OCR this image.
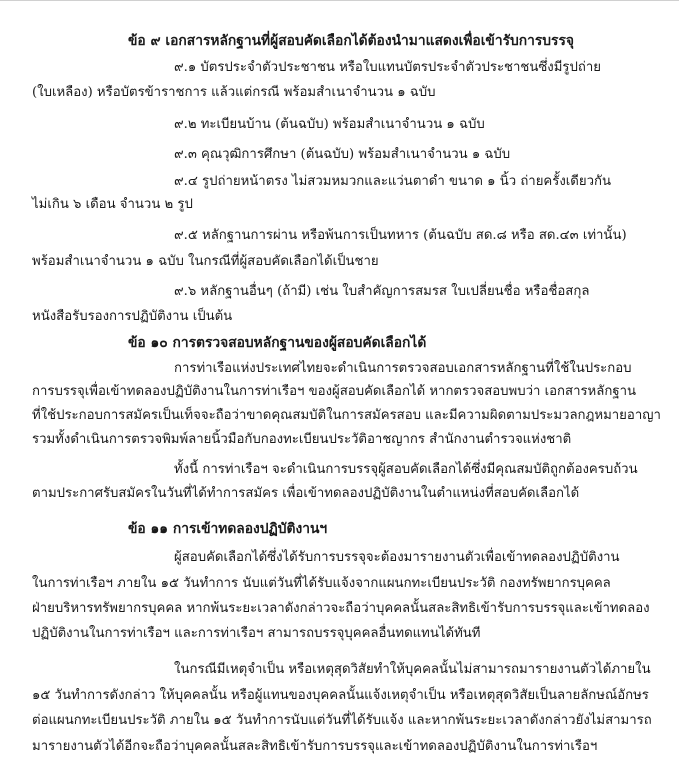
ข้อ ๙ เอกสารหลักฐานที่ผู้สอบคัดเลือกได้ต้องนำมาแสดงเพื่อเข้ารับการบรรจุ
๙.๑ บัตรประจำตัวประชาชน หรือใบแทนบัตรประจำตัวประชาชนซึ่งมีรูปถ่าย
(ใบเหลือง) หรือบัตรข้าราชการ แล้วแต่กรณี พร้อมสำเนาจำนวน ๑ ฉบับ
๙.๒ ทะเบียนบ้าน (ต้นฉบับ) พร้อมสำเนาจำนวน ๑ ฉบับ
๙.๓ คุณวุฒิการศึกษา (ต้นฉบับ) พร้อมสำเนาจำนวน ๑ ฉบับ
๙.๔ รูปถ่ายหน้าตรง ไม่สวมหมวกและแว่นตาดำ ขนาด ๑ นิ้ว ถ่ายครั้งเดียวกัน
ไม่เกิน ๖ เดือน จำนวน ๒ รูป
๙.๕ หลักฐานการผ่าน หรือพ้นการเป็นทหาร (ต้นฉบับ สด.๘ หรือ สด.๔๓ เท่านั้น)
พร้อมสำเนาจำนวน ๑ ฉบับ ในกรณีที่ผู้สอบคัดเลือกได้เป็นชาย
๙.๖ หลักฐานอื่นๆ (ถ้ามี) เช่น ใบสำคัญการสมรส ใบเปลี่ยนชื่อ หรือชื่อสกุล
หนังสือรับรองการปฏิบัติงาน เป็นต้น
ข้อ ๑๐ การตรวจสอบหลักฐานของผู้สอบคัดเลือกได้
การท่าเรือแห่งประเทศไทยจะดำเนินการตรวจสอบเอกสารหลักฐานที่ใช้ในประกอบ
การบรรจุเพื่อเข้าทดลองปฏิบัติงานในการท่าเรือฯ ของผู้สอบคัดเลือกได้ หากตรวจสอบพบว่า เอกสารหลักฐาน
ที่ใช้ประกอบการสมัครเป็นเท็จจะถือว่าขาดคุณสมบัติในการสมัครสอบ และมีความผิดตามประมวลกฎหมายอาญา
รวมทั้งดำเนินการตรวจพิมพ์ลายนิ้วมือกับกองทะเบียนประวัติอาชญากร สำนักงานตำรวจแห่งชาติ
ทั้งนี้ การท่าเรือฯ จะดำเนินการบรรจุผู้สอบคัดเลือกได้ซึ่งมีคุณสมบัติถูกต้องครบถ้วน
ตามประกาศรับสมัครในวันที่ได้ทำการสมัคร เพื่อเข้าทดลองปฏิบัติงานในตำแหน่งที่สอบคัดเลือกได้
ข้อ ๑๑ การเข้าทดลองปฏิบัติงานฯ
ผู้สอบคัดเลือกได้ซึ่งได้รับการบรรจุจะต้องมารายงานตัวเพื่อเข้าทดลองปฏิบัติงาน
ในการท่าเรือฯ ภายใน ๑๕ วันทำการ นับแต่วันที่ได้รับแจ้งจากแผนกทะเบียนประวัติ กองทรัพยากรบุคคล
ฝ่ายบริหารทรัพยากรบุคคล หากพ้นระยะเวลาดังกล่าวจะถือว่าบุคคลนั้นสละสิทธิเข้ารับการบรรจุและเข้าทดลอง
ปฏิบัติงานในการท่าเรือฯ และการท่าเรือฯ สามารถบรรจุบุคคลอื่นทดแทนได้ทันที
ในกรณีมีเหตุจำเป็น หรือเหตุสุดวิสัยทำให้บุคคลนั้นไม่สามารถมารายงานตัวได้ภายใน
๑๕ วันทำการดังกล่าว ให้บุคคลนั้น หรือผู้แทนของบุคคลนั้นแจ้งเหตุจำเป็น หรือเหตุสุดวิสัยเป็นลายลักษณ์อักษร
ต่อแผนกทะเบียนประวัติ ภายใน ๑๕ วันทำการนับแต่วันที่ได้รับแจ้ง และหากพ้นระยะเวลาดังกล่าวยังไม่สามารถ
มารายงานตัวได้อีกจะถือว่าบุคคลนั้นสละสิทธิเข้ารับการบรรจุและเข้าทดลองปฏิบัติงานในการท่าเรือฯ
